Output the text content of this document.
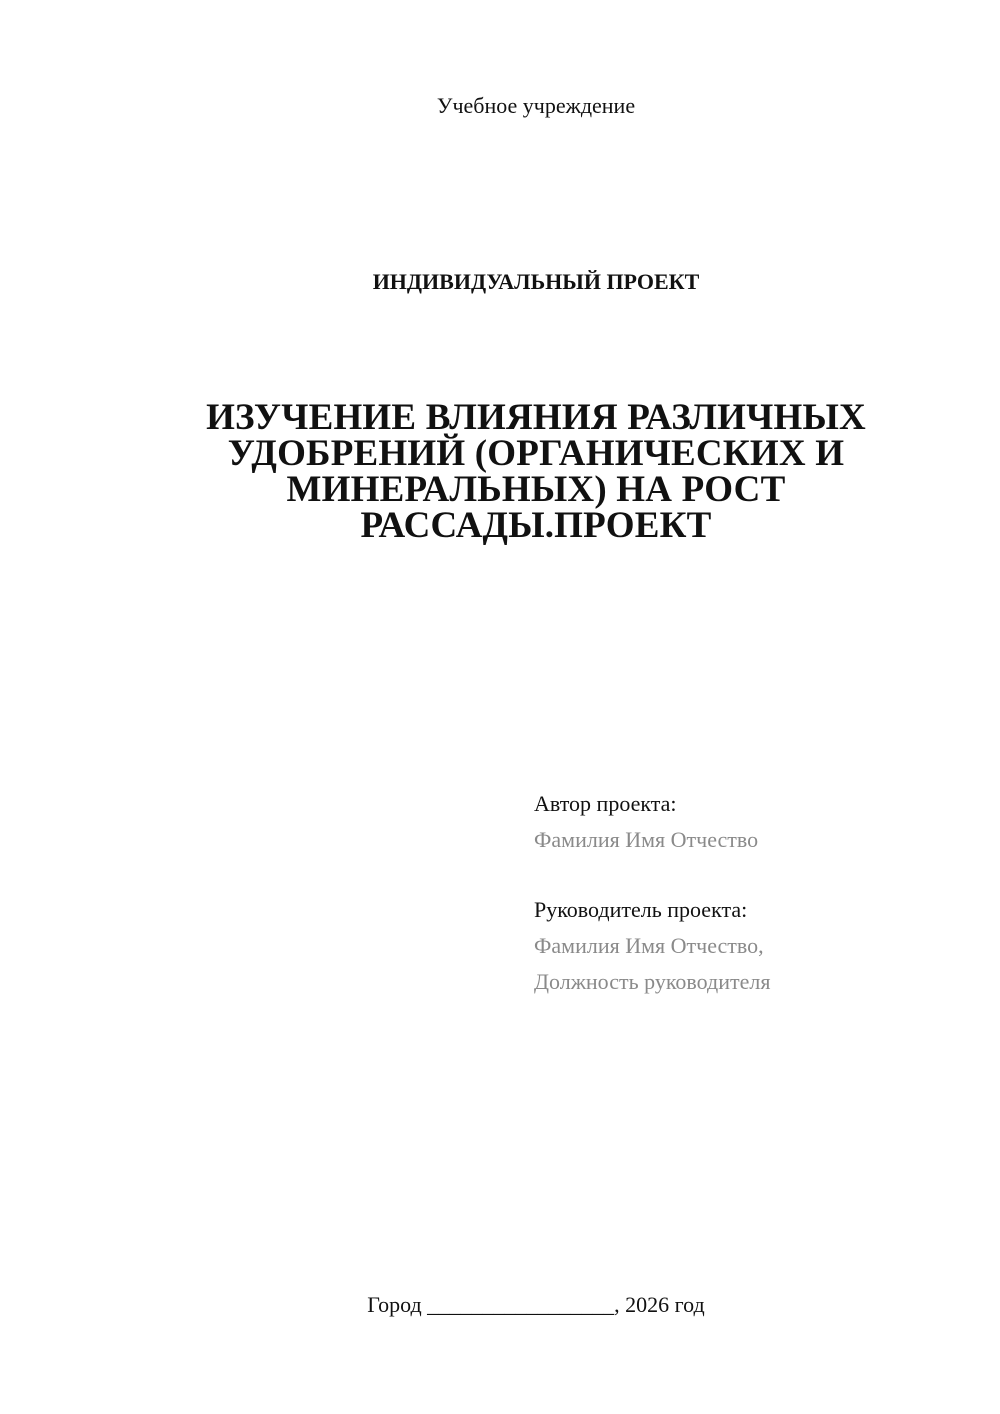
Учебное учреждение
ИНДИВИДУАЛЬНЫЙ ПРОЕКТ
ИЗУЧЕНИЕ ВЛИЯНИЯ РАЗЛИЧНЫХ
УДОБРЕНИЙ (ОРГАНИЧЕСКИХ И
МИНЕРАЛЬНЫХ) НА РОСТ
РАССАДЫ.ПРОЕКТ
Автор проекта:
Фамилия Имя Отчество
Руководитель проекта:
Фамилия Имя Отчество,
Должность руководителя
Город _________________, 2026 год
